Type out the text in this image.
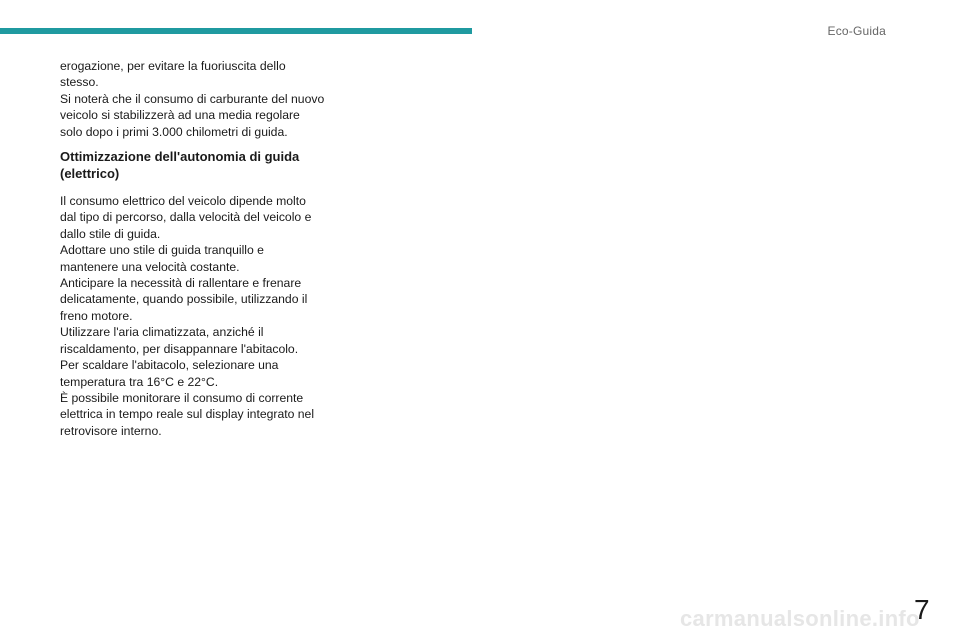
Eco-Guida

erogazione, per evitare la fuoriuscita dello
stesso.
Si noterà che il consumo di carburante del nuovo
veicolo si stabilizzerà ad una media regolare
solo dopo i primi 3.000 chilometri di guida.

Ottimizzazione dell'autonomia di guida
(elettrico)

Il consumo elettrico del veicolo dipende molto
dal tipo di percorso, dalla velocità del veicolo e
dallo stile di guida.
Adottare uno stile di guida tranquillo e
mantenere una velocità costante.
Anticipare la necessità di rallentare e frenare
delicatamente, quando possibile, utilizzando il
freno motore.
Utilizzare l'aria climatizzata, anziché il
riscaldamento, per disappannare l'abitacolo.
Per scaldare l'abitacolo, selezionare una
temperatura tra 16°C e 22°C.
È possibile monitorare il consumo di corrente
elettrica in tempo reale sul display integrato nel
retrovisore interno.

carmanualsonline.info
7
